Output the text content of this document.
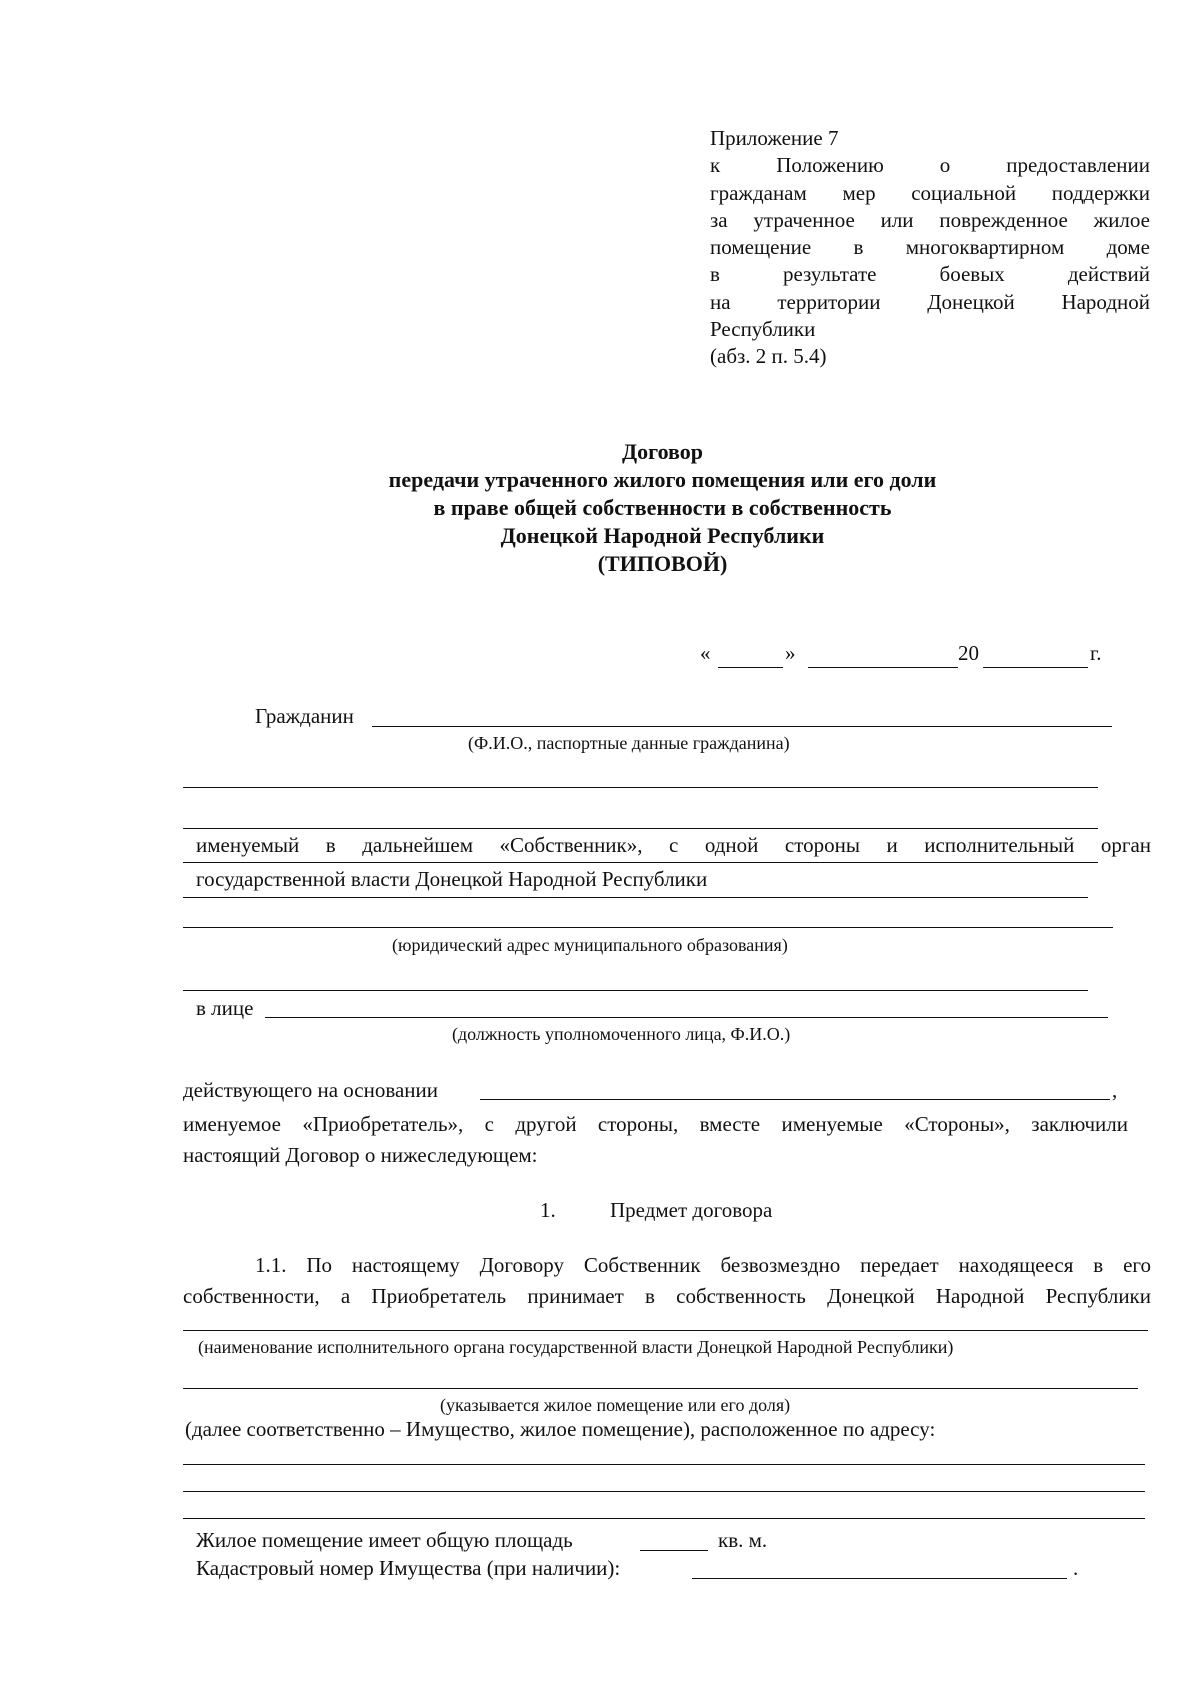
Приложение 7
к Положению о предоставлении
гражданам мер социальной поддержки
за утраченное или поврежденное жилое
помещение в многоквартирном доме
в результате боевых действий
на территории Донецкой Народной
Республики
(абз. 2 п. 5.4)
Договор
передачи утраченного жилого помещения или его доли
в праве общей собственности в собственность
Донецкой Народной Республики
(ТИПОВОЙ)
«	»	20	г.
Гражданин
(Ф.И.О., паспортные данные гражданина)
именуемый в дальнейшем «Собственник», с одной стороны и исполнительный орган
государственной власти Донецкой Народной Республики
(юридический адрес муниципального образования)
в лице
(должность уполномоченного лица, Ф.И.О.)
действующего на основании	,
именуемое «Приобретатель», с другой стороны, вместе именуемые «Стороны», заключили
настоящий Договор о нижеследующем:
1.	Предмет договора
1.1. По настоящему Договору Собственник безвозмездно передает находящееся в его
собственности, а Приобретатель принимает в собственность Донецкой Народной Республики
(наименование исполнительного органа государственной власти Донецкой Народной Республики)
(указывается жилое помещение или его доля)
(далее соответственно – Имущество, жилое помещение), расположенное по адресу:
Жилое помещение имеет общую площадь	кв. м.
Кадастровый номер Имущества (при наличии):	.
